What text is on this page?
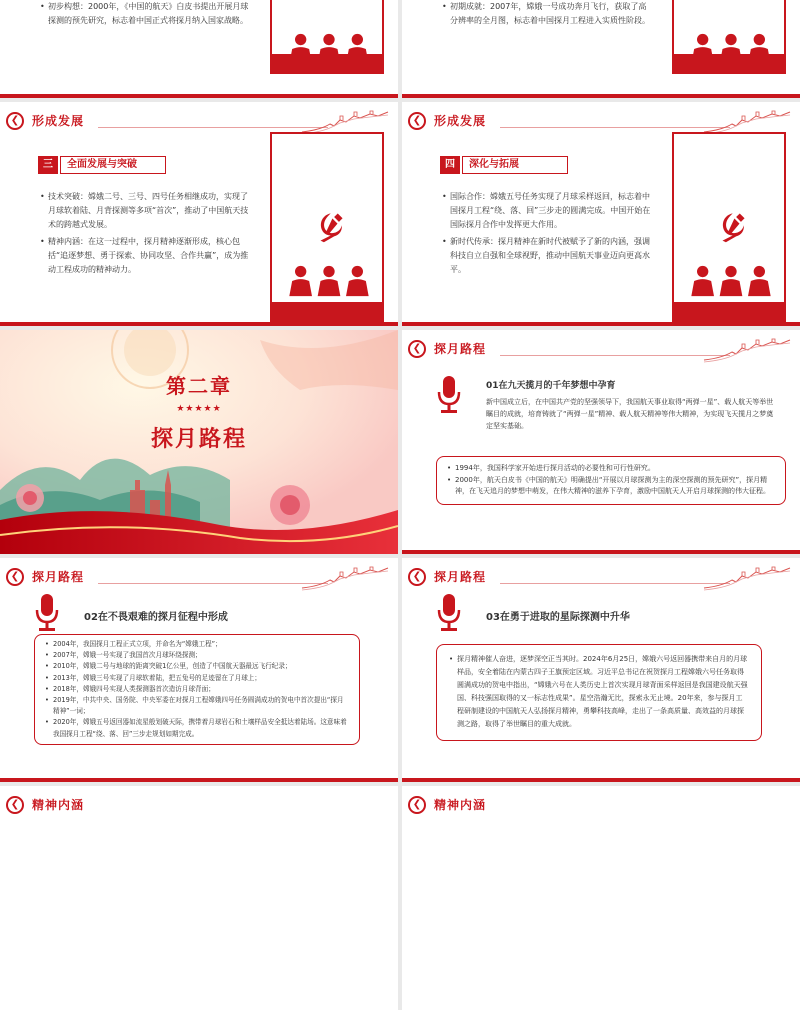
• 初步构想：2000年，《中国的航天》白皮书提出开展月球探测的预先研究，标志着中国正式将探月纳入国家战略。
• 初期成就：2007年，嫦娥一号成功奔月飞行，获取了高分辨率的全月图，标志着中国探月工程进入实质性阶段。
❮	形成发展
三	全面发展与突破
• 技术突破：嫦娥二号、三号、四号任务相继成功，实现了月球软着陆、月背探测等多项“首次”，推动了中国航天技术的跨越式发展。
• 精神内涵：在这一过程中，探月精神逐渐形成，核心包括“追逐梦想、勇于探索、协同攻坚、合作共赢”，成为推动工程成功的精神动力。
❮	形成发展
四	深化与拓展
• 国际合作：嫦娥五号任务实现了月球采样返回，标志着中国探月工程“绕、落、回”三步走的圆满完成。中国开始在国际探月合作中发挥更大作用。
• 新时代传承：探月精神在新时代被赋予了新的内涵，强调科技自立自强和全球视野，推动中国航天事业迈向更高水平。
第二章
★★★★★
探月路程
❮	探月路程
01在九天揽月的千年梦想中孕育
新中国成立后，在中国共产党的坚强领导下，我国航天事业取得“两弹一星”、载人航天等举世瞩目的成就，培育铸就了“两弹一星”精神、载人航天精神等伟大精神，为实现飞天揽月之梦奠定坚实基础。
• 1994年，我国科学家开始进行探月活动的必要性和可行性研究。
• 2000年，航天白皮书《中国的航天》明确提出“开展以月球探测为主的深空探测的预先研究”，探月精神，在飞天追月的梦想中萌发，在伟大精神的滋养下孕育，激励中国航天人开启月球探测的伟大征程。
❮	探月路程
02在不畏艰难的探月征程中形成
• 2004年，我国探月工程正式立项，并命名为“嫦娥工程”；
• 2007年，嫦娥一号实现了我国首次月球环绕探测；
• 2010年，嫦娥二号与地球的距离突破1亿公里，创造了中国航天器最远飞行纪录；
• 2013年，嫦娥三号实现了月球软着陆，把五兔号的足迹留在了月球上；
• 2018年，嫦娥四号实现人类探测器首次造访月球背面；
• 2019年，中共中央、国务院、中央军委在对探月工程嫦娥四号任务圆满成功的贺电中首次提出“探月精神”一词；
• 2020年，嫦娥五号返回器如流星般划破天际，携带着月球岩石和土壤样品安全抵达着陆场。这意味着我国探月工程“绕、落、回”三步走规划如期完成。
❮	探月路程
03在勇于进取的星际探测中升华
• 探月精神催人奋进，逐梦深空正当其时。2024年6月25日，嫦娥六号返回器携带来自月的月球样品，安全着陆在内蒙古四子王旗预定区域。习近平总书记在祝贺探月工程嫦娥六号任务取得圆满成功的贺电中指出，“嫦娥六号在人类历史上首次实现月球背面采样返回是我国建设航天强国、科技强国取得的又一标志性成果”。星空浩瀚无比，探索永无止境。20年来，参与探月工程研制建设的中国航天人弘扬探月精神，勇攀科技高峰，走出了一条高质量、高效益的月球探测之路，取得了举世瞩目的重大成就。
❮	精神内涵	❮	精神内涵
